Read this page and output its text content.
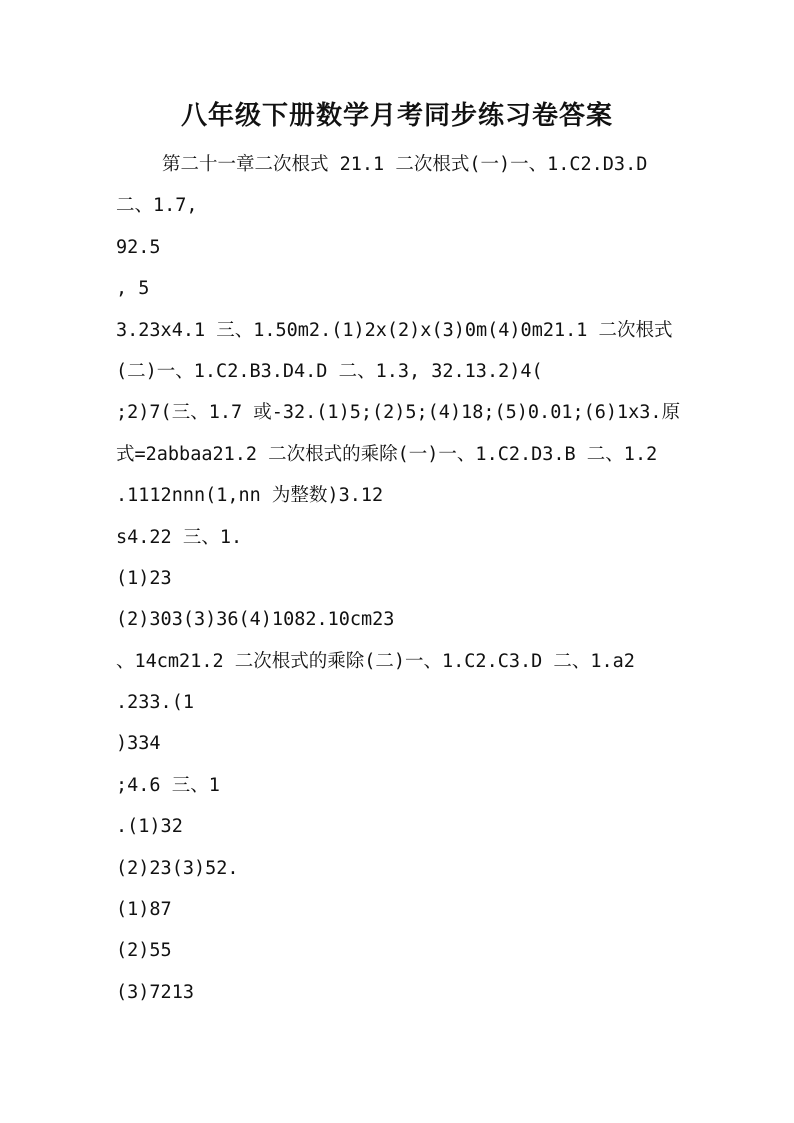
八年级下册数学月考同步练习卷答案
第二十一章二次根式 21.1 二次根式(一)一、1.C2.D3.D
二、1.7,
92.5
, 5
3.23x4.1 三、1.50m2.(1)2x(2)x(3)0m(4)0m21.1 二次根式
(二)一、1.C2.B3.D4.D 二、1.3, 32.13.2)4(
;2)7(三、1.7 或-32.(1)5;(2)5;(4)18;(5)0.01;(6)1x3.原
式=2abbaa21.2 二次根式的乘除(一)一、1.C2.D3.B 二、1.2
.1112nnn(1,nn 为整数)3.12
s4.22 三、1.
(1)23
(2)303(3)36(4)1082.10cm23
、14cm21.2 二次根式的乘除(二)一、1.C2.C3.D 二、1.a2
.233.(1
)334
;4.6 三、1
.(1)32
(2)23(3)52.
(1)87
(2)55
(3)7213
